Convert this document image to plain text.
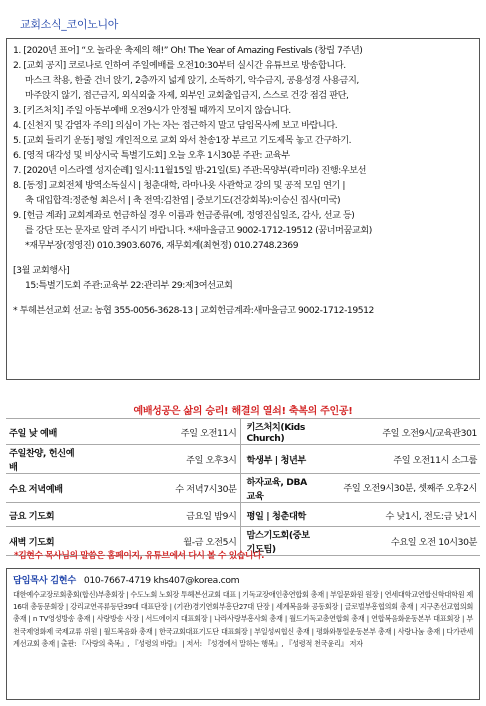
교회소식_코이노니아
1. [2020년 표어] “오 놀라운 축제의 해!” Oh! The Year of Amazing Festivals (창립 7주년)
2. [교회 공지] 코로나로 인하여 주일예배를 오전10:30부터 실시간 유튜브로 방송합니다.
마스크 착용, 한줄 건너 앉기, 2층까지 넓게 앉기, 소독하기, 악수금지, 공용성경 사용금지,
마주앉지 않기, 접근금지, 외식외출 자제, 외부인 교회출입금지, 스스로 건강 점검 판단,
3. [키즈처치] 주일 아동부예배 오전9시가 안정될 때까지 모이지 않습니다.
4. [신천지 및 감염자 주의] 의심이 가는 자는 접근하지 말고 담임목사께 보고 바랍니다.
5. [교회 들리기 운동] 평일 개인적으로 교회 와서 찬송1장 부르고 기도제목 놓고 간구하기.
6. [영적 대각성 및 비상시국 특별기도회] 오늘 오후 1시30분 주관: 교육부
7. [2020년 이스라엘 성지순례] 일시:11월15일 밤-21일(토) 주관:목양부(곽미라) 진행:우보선
8. [동정] 교회전체 방역소독실시 | 청춘대학, 라마나욧 사관학교 강의 및 공적 모임 연기 |
축 대입합격:정준형 최은서 | 축 전역:김찬엽 | 중보기도(건강회복):이승신 집사(미국)
9. [헌금 계좌] 교회계좌로 헌금하실 경우 이름과 헌금종류(예, 정영진십일조, 감사, 선교 등)
를 강단 또는 문자로 알려 주시기 바랍니다. *새마을금고 9002-1712-19512 (꿈너머꿈교회)
*재무부장(정영진) 010.3903.6076, 재무회계(최현정) 010.2748.2369
[3월 교회행사]
15:특별기도회 주관:교육부 22:관리부 29:제3여선교회
* 투헤븐선교회 선교: 농협 355-0056-3628-13 | 교회헌금계좌:새마을금고 9002-1712-19512
예배성공은 삶의 승리! 해결의 열쇠! 축복의 주인공!
주일 낮 예배	주일 오전11시	키즈처치(Kids Church)	주일 오전9시/교육관301
주일찬양, 헌신예배	주일 오후3시	학생부 | 청년부	주일 오전11시 소그룹
수요 저녁예배	수 저녁7시30분	하자교육, DBA교육	주일 오전9시30분, 셋째주 오후2시
금요 기도회	금요일 밤9시	평일 | 청춘대학	수 낮1시, 전도:금 낮1시
새벽 기도회	월-금 오전5시	맘스기도회(중보기도팀)	수요일 오전 10시30분
*김현수 목사님의 말씀은 홈페이지, 유튜브에서 다시 볼 수 있습니다.
담임목사 김현수 010-7667-4719 khs407@korea.com
대한예수교장로회총회(합신)부총회장 | 수도노회 노회장 투헤븐선교회 대표 | 기독교장애인총연합회 총재 | 부일문화원 원장 | 연세대학교연합신학대학원 제16대 총동문회장 | 강리교연곡류등단39대 대표단장 | (기관)경기연회부흥단27대 단장 | 세계복음화 공동회장 | 글로벌부흥협의회 총재 | 지구촌선교협의회 총재 | n TV영성방송 총재 | 사랑방송 사장 | 서드에이지 대표회장 | 나라사랑부흥사회 총재 | 월드기독교총연합회 총재 | 연합복음화운동본부 대표회장 | 부천국제영화제 국제교류 위원 | 월드복음화 총재 | 한국교회대표기도단 대표회장 | 부일성씨협신 총재 | 평화와통일운동본부 총재 | 사랑나눔 총재 | 다가관세계선교회 총재 | 출판: 『사랑의 축복』, 『성령의 바람』 | 저서: 『성경에서 말하는 행복』, 『성령적 천국윤리』 저자
